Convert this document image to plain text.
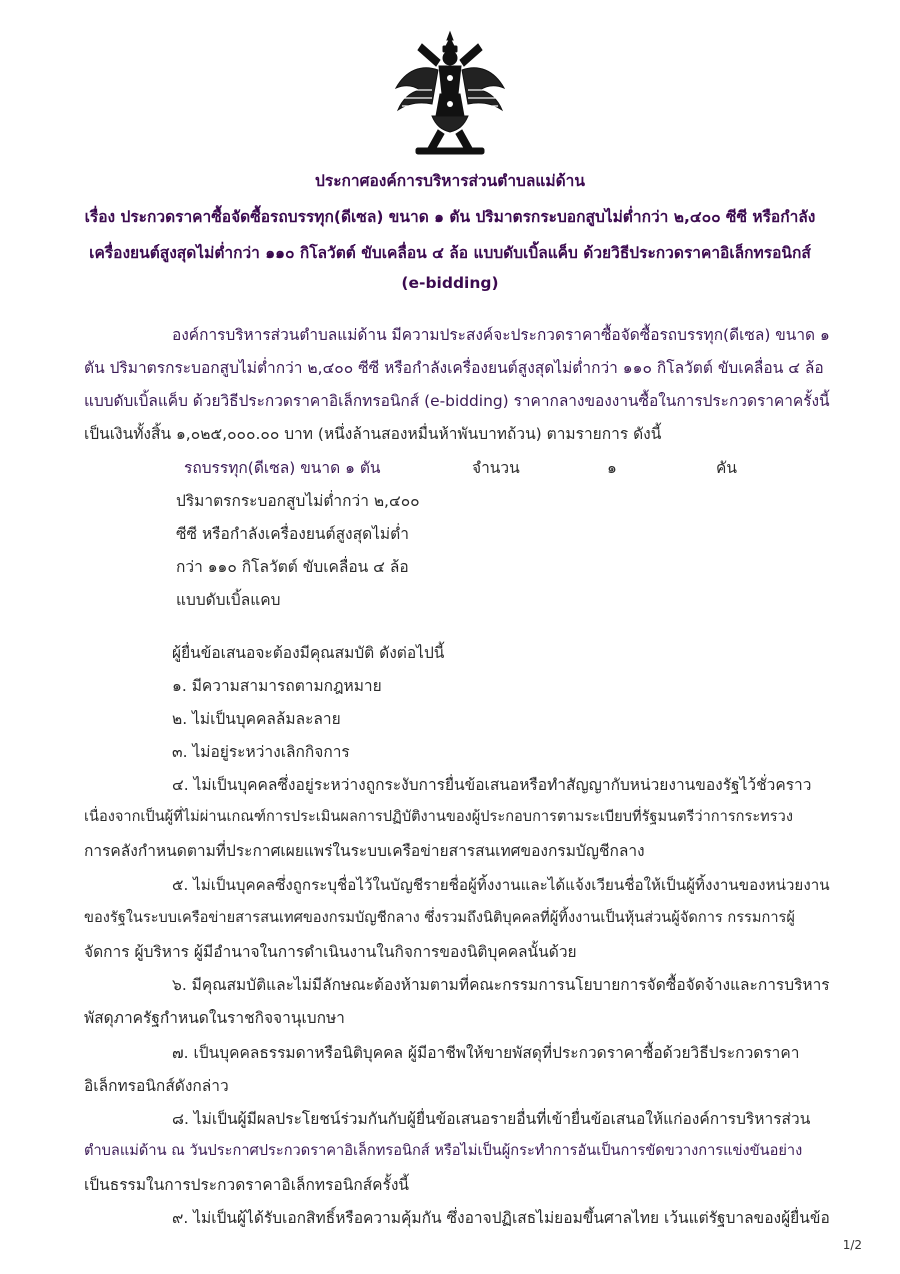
ประกาศองค์การบริหารส่วนตำบลแม่ด้าน
เรื่อง ประกวดราคาซื้อจัดซื้อรถบรรทุก(ดีเซล) ขนาด ๑ ตัน ปริมาตรกระบอกสูบไม่ต่ำกว่า ๒,๔๐๐ ซีซี หรือกำลัง
เครื่องยนต์สูงสุดไม่ต่ำกว่า ๑๑๐ กิโลวัตต์ ขับเคลื่อน ๔ ล้อ แบบดับเบิ้ลแค็บ ด้วยวิธีประกวดราคาอิเล็กทรอนิกส์
(e-bidding)
องค์การบริหารส่วนตำบลแม่ด้าน มีความประสงค์จะประกวดราคาซื้อจัดซื้อรถบรรทุก(ดีเซล) ขนาด ๑
ตัน ปริมาตรกระบอกสูบไม่ต่ำกว่า ๒,๔๐๐ ซีซี หรือกำลังเครื่องยนต์สูงสุดไม่ต่ำกว่า ๑๑๐ กิโลวัตต์ ขับเคลื่อน ๔ ล้อ
แบบดับเบิ้ลแค็บ ด้วยวิธีประกวดราคาอิเล็กทรอนิกส์ (e-bidding) ราคากลางของงานซื้อในการประกวดราคาครั้งนี้
เป็นเงินทั้งสิ้น ๑,๐๒๕,๐๐๐.๐๐ บาท (หนึ่งล้านสองหมื่นห้าพันบาทถ้วน) ตามรายการ ดังนี้
รถบรรทุก(ดีเซล) ขนาด ๑ ตัน	จำนวน	๑	คัน
ปริมาตรกระบอกสูบไม่ต่ำกว่า ๒,๔๐๐
ซีซี หรือกำลังเครื่องยนต์สูงสุดไม่ต่ำ
กว่า ๑๑๐ กิโลวัตต์ ขับเคลื่อน ๔ ล้อ
แบบดับเบิ้ลแคบ
ผู้ยื่นข้อเสนอจะต้องมีคุณสมบัติ ดังต่อไปนี้
๑. มีความสามารถตามกฎหมาย
๒. ไม่เป็นบุคคลล้มละลาย
๓. ไม่อยู่ระหว่างเลิกกิจการ
๔. ไม่เป็นบุคคลซึ่งอยู่ระหว่างถูกระงับการยื่นข้อเสนอหรือทำสัญญากับหน่วยงานของรัฐไว้ชั่วคราว
เนื่องจากเป็นผู้ที่ไม่ผ่านเกณฑ์การประเมินผลการปฏิบัติงานของผู้ประกอบการตามระเบียบที่รัฐมนตรีว่าการกระทรวง
การคลังกำหนดตามที่ประกาศเผยแพร่ในระบบเครือข่ายสารสนเทศของกรมบัญชีกลาง
๕. ไม่เป็นบุคคลซึ่งถูกระบุชื่อไว้ในบัญชีรายชื่อผู้ทิ้งงานและได้แจ้งเวียนชื่อให้เป็นผู้ทิ้งงานของหน่วยงาน
ของรัฐในระบบเครือข่ายสารสนเทศของกรมบัญชีกลาง ซึ่งรวมถึงนิติบุคคลที่ผู้ทิ้งงานเป็นหุ้นส่วนผู้จัดการ กรรมการผู้
จัดการ ผู้บริหาร ผู้มีอำนาจในการดำเนินงานในกิจการของนิติบุคคลนั้นด้วย
๖. มีคุณสมบัติและไม่มีลักษณะต้องห้ามตามที่คณะกรรมการนโยบายการจัดซื้อจัดจ้างและการบริหาร
พัสดุภาครัฐกำหนดในราชกิจจานุเบกษา
๗. เป็นบุคคลธรรมดาหรือนิติบุคคล ผู้มีอาชีพให้ขายพัสดุที่ประกวดราคาซื้อด้วยวิธีประกวดราคา
อิเล็กทรอนิกส์ดังกล่าว
๘. ไม่เป็นผู้มีผลประโยชน์ร่วมกันกับผู้ยื่นข้อเสนอรายอื่นที่เข้ายื่นข้อเสนอให้แก่องค์การบริหารส่วน
ตำบลแม่ด้าน ณ วันประกาศประกวดราคาอิเล็กทรอนิกส์ หรือไม่เป็นผู้กระทำการอันเป็นการขัดขวางการแข่งขันอย่าง
เป็นธรรมในการประกวดราคาอิเล็กทรอนิกส์ครั้งนี้
๙. ไม่เป็นผู้ได้รับเอกสิทธิ์หรือความคุ้มกัน ซึ่งอาจปฏิเสธไม่ยอมขึ้นศาลไทย เว้นแต่รัฐบาลของผู้ยื่นข้อ
1/2
